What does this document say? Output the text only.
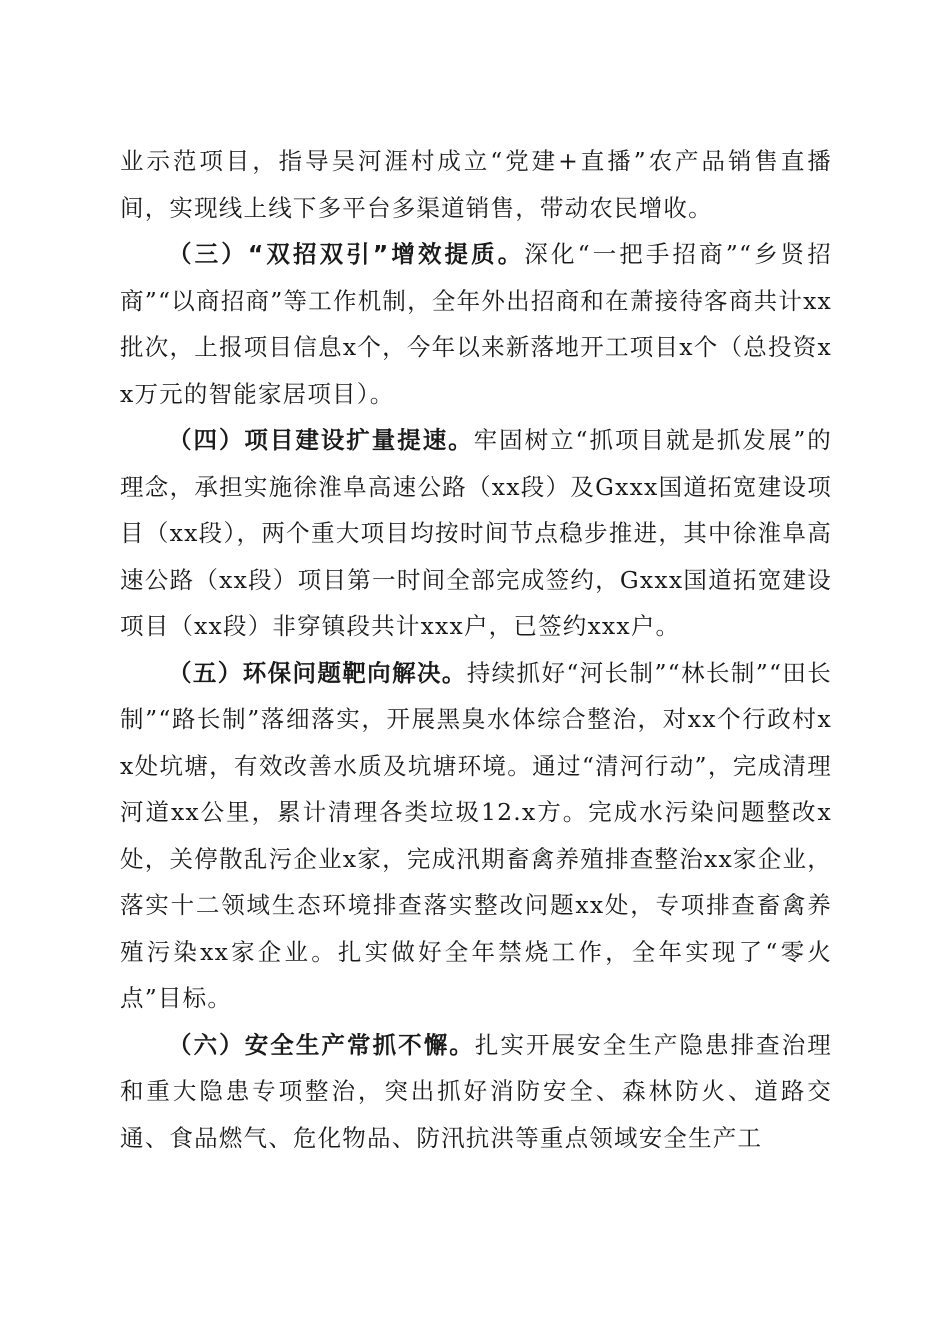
业示范项目，指导吴河涯村成立“党建+直播”农产品销售直播间，实现线上线下多平台多渠道销售，带动农民增收。

（三）“双招双引”增效提质。深化“一把手招商”“乡贤招商”“以商招商”等工作机制，全年外出招商和在萧接待客商共计xx批次，上报项目信息x个，今年以来新落地开工项目x个（总投资xx万元的智能家居项目）。

（四）项目建设扩量提速。牢固树立“抓项目就是抓发展”的理念，承担实施徐淮阜高速公路（xx段）及Gxxx国道拓宽建设项目（xx段），两个重大项目均按时间节点稳步推进，其中徐淮阜高速公路（xx段）项目第一时间全部完成签约，Gxxx国道拓宽建设项目（xx段）非穿镇段共计xxx户，已签约xxx户。

（五）环保问题靶向解决。持续抓好“河长制”“林长制”“田长制”“路长制”落细落实，开展黑臭水体综合整治，对xx个行政村xx处坑塘，有效改善水质及坑塘环境。通过“清河行动”，完成清理河道xx公里，累计清理各类垃圾12.x方。完成水污染问题整改x处，关停散乱污企业x家，完成汛期畜禽养殖排查整治xx家企业，落实十二领域生态环境排查落实整改问题xx处，专项排查畜禽养殖污染xx家企业。扎实做好全年禁烧工作，全年实现了“零火点”目标。

（六）安全生产常抓不懈。扎实开展安全生产隐患排查治理和重大隐患专项整治，突出抓好消防安全、森林防火、道路交通、食品燃气、危化物品、防汛抗洪等重点领域安全生产工
